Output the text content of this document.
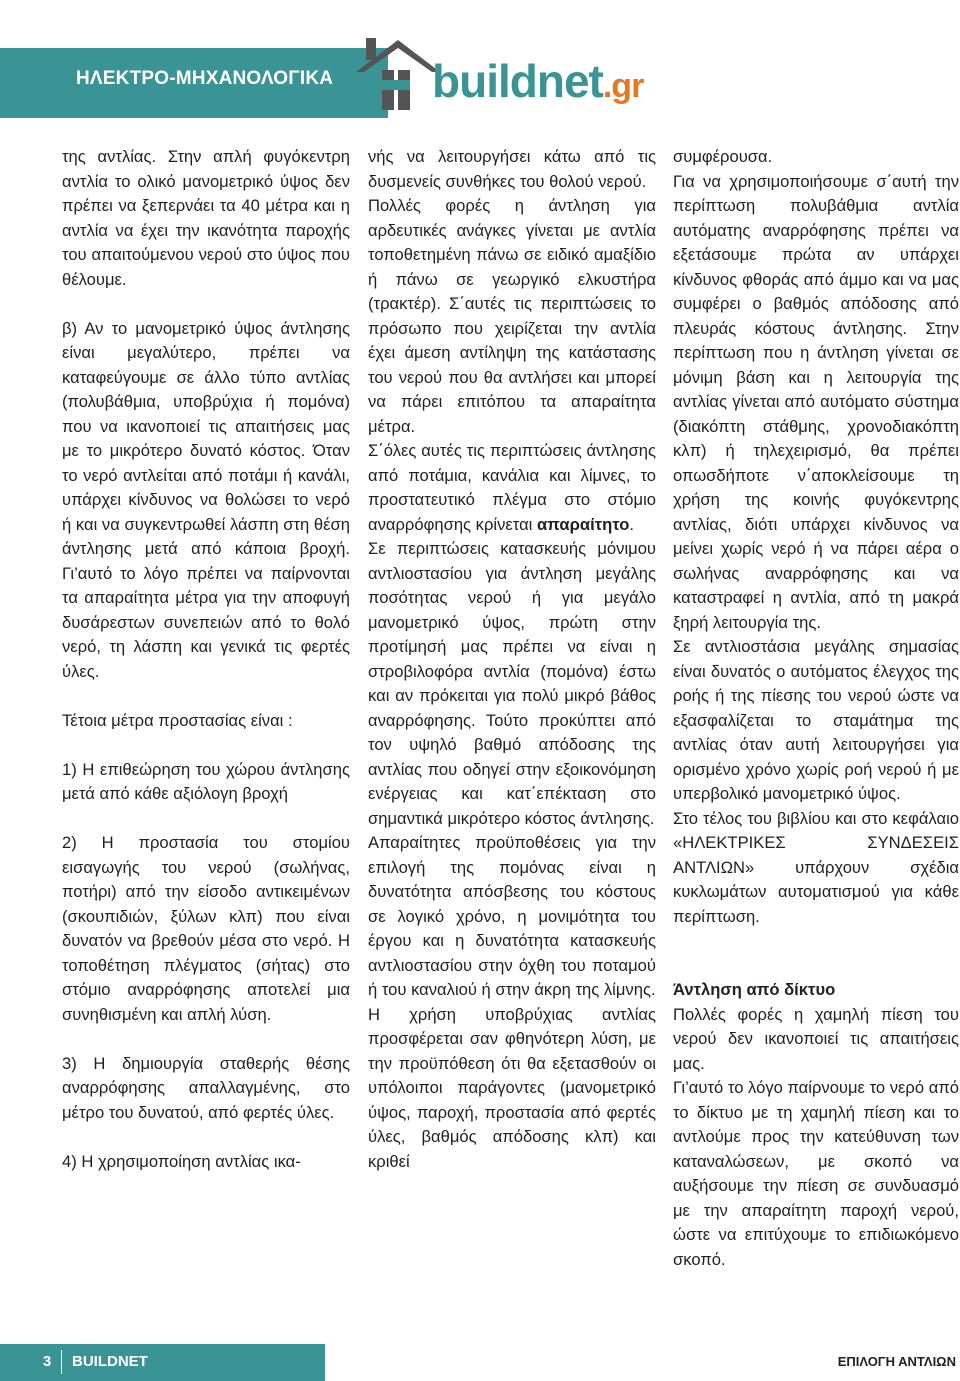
ΗΛΕΚΤΡΟ-ΜΗΧΑΝΟΛΟΓΙΚΑ buildnet.gr

της αντλίας. Στην απλή φυγόκεντρη αντλία το ολικό μανομετρικό ύψος δεν πρέπει να ξεπερνάει τα 40 μέτρα και η αντλία να έχει την ικανότητα παροχής του απαιτούμενου νερού στο ύψος που θέλουμε.

β) Αν το μανομετρικό ύψος άντλησης είναι μεγαλύτερο, πρέπει να καταφεύγουμε σε άλλο τύπο αντλίας (πολυβάθμια, υποβρύχια ή πομόνα) που να ικανοποιεί τις απαιτήσεις μας με το μικρότερο δυνατό κόστος. Όταν το νερό αντλείται από ποτάμι ή κανάλι, υπάρχει κίνδυνος να θολώσει το νερό ή και να συγκεντρωθεί λάσπη στη θέση άντλησης μετά από κάποια βροχή. Γι’αυτό το λόγο πρέπει να παίρνονται τα απαραίτητα μέτρα για την αποφυγή δυσάρεστων συνεπειών από το θολό νερό, τη λάσπη και γενικά τις φερτές ύλες.

Τέτοια μέτρα προστασίας είναι :

1) Η επιθεώρηση του χώρου άντλησης μετά από κάθε αξιόλογη βροχή

2) Η προστασία του στομίου εισαγωγής του νερού (σωλήνας, ποτήρι) από την είσοδο αντικειμένων (σκουπιδιών, ξύλων κλπ) που είναι δυνατόν να βρεθούν μέσα στο νερό. Η τοποθέτηση πλέγματος (σήτας) στο στόμιο αναρρόφησης αποτελεί μια συνηθισμένη και απλή λύση.

3) Η δημιουργία σταθερής θέσης αναρρόφησης απαλλαγμένης, στο μέτρο του δυνατού, από φερτές ύλες.

4) Η χρησιμοποίηση αντλίας ικα-

νής να λειτουργήσει κάτω από τις δυσμενείς συνθήκες του θολού νερού.

Πολλές φορές η άντληση για αρδευτικές ανάγκες γίνεται με αντλία τοποθετημένη πάνω σε ειδικό αμαξίδιο ή πάνω σε γεωργικό ελκυστήρα (τρακτέρ). Σ΄αυτές τις περιπτώσεις το πρόσωπο που χειρίζεται την αντλία έχει άμεση αντίληψη της κατάστασης του νερού που θα αντλήσει και μπορεί να πάρει επιτόπου τα απαραίτητα μέτρα.

Σ΄όλες αυτές τις περιπτώσεις άντλησης από ποτάμια, κανάλια και λίμνες, το προστατευτικό πλέγμα στο στόμιο αναρρόφησης κρίνεται απαραίτητο.

Σε περιπτώσεις κατασκευής μόνιμου αντλιοστασίου για άντληση μεγάλης ποσότητας νερού ή για μεγάλο μανομετρικό ύψος, πρώτη στην προτίμησή μας πρέπει να είναι η στροβιλοφόρα αντλία (πομόνα) έστω και αν πρόκειται για πολύ μικρό βάθος αναρρόφησης. Τούτο προκύπτει από τον υψηλό βαθμό απόδοσης της αντλίας που οδηγεί στην εξοικονόμηση ενέργειας και κατ΄επέκταση στο σημαντικά μικρότερο κόστος άντλησης.

Απαραίτητες προϋποθέσεις για την επιλογή της πομόνας είναι η δυνατότητα απόσβεσης του κόστους σε λογικό χρόνο, η μονιμότητα του έργου και η δυνατότητα κατασκευής αντλιοστασίου στην όχθη του ποταμού ή του καναλιού ή στην άκρη της λίμνης.

Η χρήση υποβρύχιας αντλίας προσφέρεται σαν φθηνότερη λύση, με την προϋπόθεση ότι θα εξετασθούν οι υπόλοιποι παράγοντες (μανομετρικό ύψος, παροχή, προστασία από φερτές ύλες, βαθμός απόδοσης κλπ) και κριθεί

συμφέρουσα.

Για να χρησιμοποιήσουμε σ΄αυτή την περίπτωση πολυβάθμια αντλία αυτόματης αναρρόφησης πρέπει να εξετάσουμε πρώτα αν υπάρχει κίνδυνος φθοράς από άμμο και να μας συμφέρει ο βαθμός απόδοσης από πλευράς κόστους άντλησης. Στην περίπτωση που η άντληση γίνεται σε μόνιμη βάση και η λειτουργία της αντλίας γίνεται από αυτόματο σύστημα (διακόπτη στάθμης, χρονοδιακόπτη κλπ) ή τηλεχειρισμό, θα πρέπει οπωσδήποτε ν΄αποκλείσουμε τη χρήση της κοινής φυγόκεντρης αντλίας, διότι υπάρχει κίνδυνος να μείνει χωρίς νερό ή να πάρει αέρα ο σωλήνας αναρρόφησης και να καταστραφεί η αντλία, από τη μακρά ξηρή λειτουργία της.

Σε αντλιοστάσια μεγάλης σημασίας είναι δυνατός ο αυτόματος έλεγχος της ροής ή της πίεσης του νερού ώστε να εξασφαλίζεται το σταμάτημα της αντλίας όταν αυτή λειτουργήσει για ορισμένο χρόνο χωρίς ροή νερού ή με υπερβολικό μανομετρικό ύψος.

Στο τέλος του βιβλίου και στο κεφάλαιο «ΗΛΕΚΤΡΙΚΕΣ ΣΥΝΔΕΣΕΙΣ ΑΝΤΛΙΩΝ» υπάρχουν σχέδια κυκλωμάτων αυτοματισμού για κάθε περίπτωση.

Άντληση από δίκτυο

Πολλές φορές η χαμηλή πίεση του νερού δεν ικανοποιεί τις απαιτήσεις μας.

Γι’αυτό το λόγο παίρνουμε το νερό από το δίκτυο με τη χαμηλή πίεση και το αντλούμε προς την κατεύθυνση των καταναλώσεων, με σκοπό να αυξήσουμε την πίεση σε συνδυασμό με την απαραίτητη παροχή νερού, ώστε να επιτύχουμε το επιδιωκόμενο σκοπό.

3	BUILDNET	ΕΠΙΛΟΓΗ ΑΝΤΛΙΩΝ
